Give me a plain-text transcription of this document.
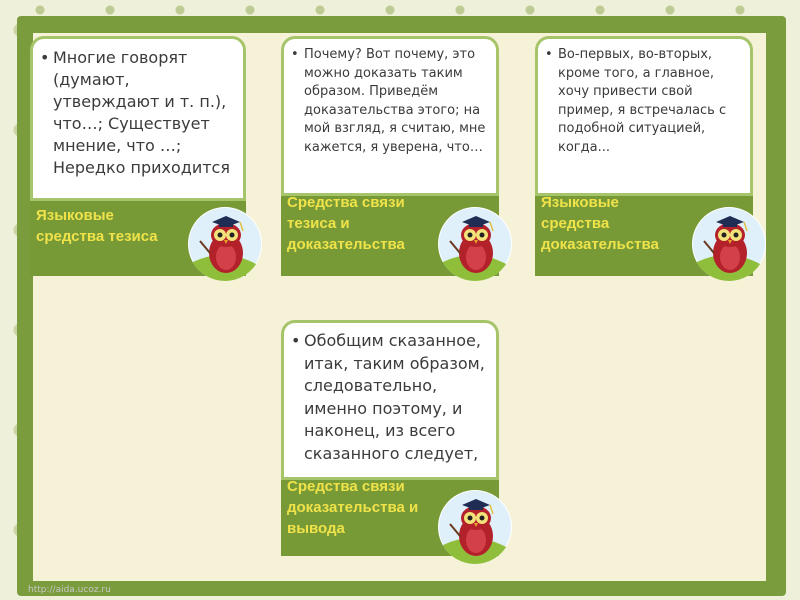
• Многие говорят (думают, утверждают и т. п.), что…; Существует мнение, что …; Нередко приходится
Языковые средства тезиса
• Почему? Вот почему, это можно доказать таким образом. Приведём доказательства этого; на мой взгляд, я считаю, мне кажется, я уверена, что…
Средства связи тезиса и доказательства
• Во-первых, во-вторых, кроме того, а главное, хочу привести свой пример, я встречалась с подобной ситуацией, когда...
Языковые средства доказательства
• Обобщим сказанное, итак, таким образом, следовательно, именно поэтому, и наконец, из всего сказанного следует,
Средства связи доказательства и вывода
http://aida.ucoz.ru
